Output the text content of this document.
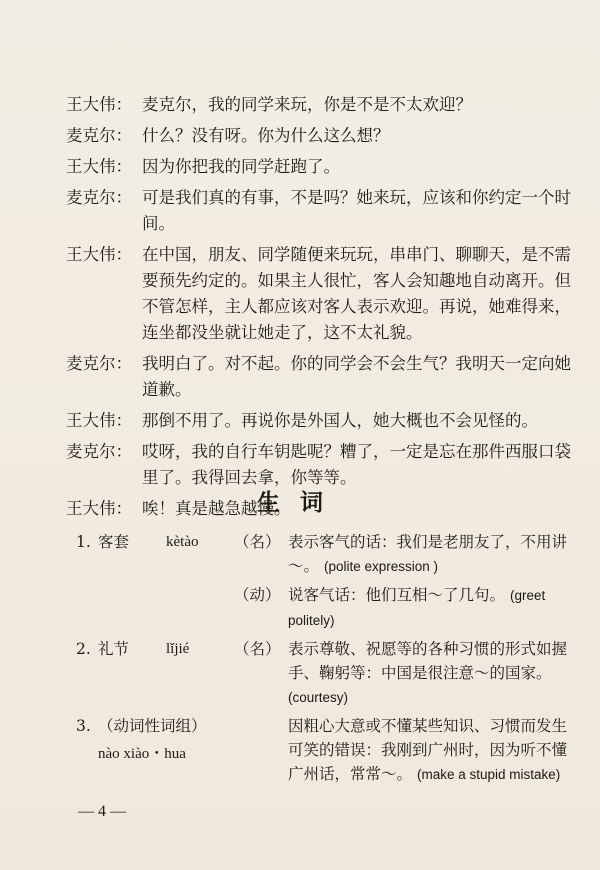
王大伟： 麦克尔，我的同学来玩，你是不是不太欢迎？
麦克尔： 什么？没有呀。你为什么这么想？
王大伟： 因为你把我的同学赶跑了。
麦克尔： 可是我们真的有事，不是吗？她来玩，应该和你约定一个时间。
王大伟： 在中国，朋友、同学随便来玩玩，串串门、聊聊天，是不需要预先约定的。如果主人很忙，客人会知趣地自动离开。但不管怎样，主人都应该对客人表示欢迎。再说，她难得来，连坐都没坐就让她走了，这不太礼貌。
麦克尔： 我明白了。对不起。你的同学会不会生气？我明天一定向她道歉。
王大伟： 那倒不用了。再说你是外国人，她大概也不会见怪的。
麦克尔： 哎呀，我的自行车钥匙呢？糟了，一定是忘在那件西服口袋里了。我得回去拿，你等等。
王大伟： 唉！真是越急越慢。
生词
1. 客套 kètào （名） 表示客气的话：我们是老朋友了，不用讲～。 (polite expression )
（动） 说客气话：他们互相～了几句。 (greet politely)
2. 礼节 lǐjié	（名） 表示尊敬、祝愿等的各种习惯的形式如握手、鞠躬等：中国是很注意～的国家。 (courtesy)
3. （动词性词组）
nào xiào・hua
因粗心大意或不懂某些知识、习惯而发生可笑的错误：我刚到广州时，因为听不懂广州话，常常～。 (make a stupid mistake)
— 4 —
